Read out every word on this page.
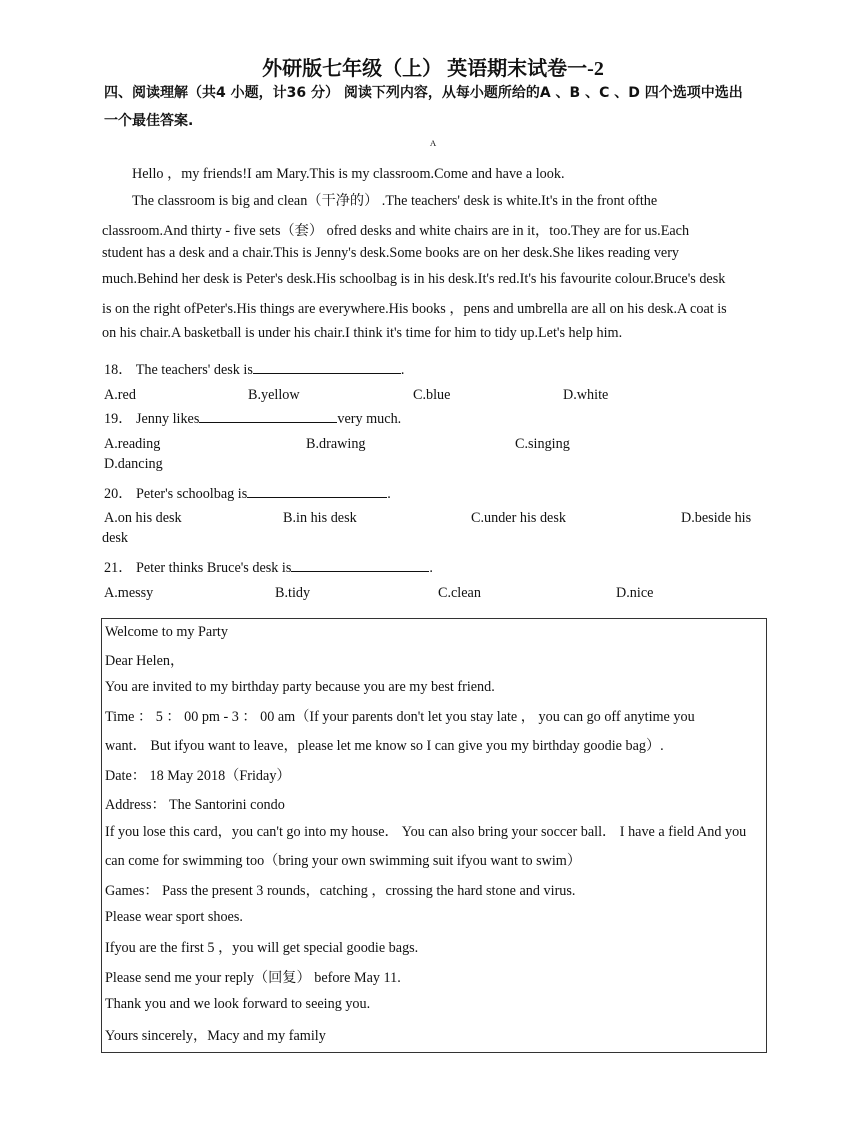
外研版七年级（上） 英语期末试卷一-2
四、阅读理解（共4 小题，计36 分） 阅读下列内容，从每小题所给的A 、B 、C 、D 四个选项中选出
一个最佳答案.
A
Hello ，my friends!I am Mary.This is my classroom.Come and have a look.
The classroom is big and clean（干净的） .The teachers' desk is white.It's in the front ofthe
classroom.And thirty - five sets（套） ofred desks and white chairs are in it，too.They are for us.Each
student has a desk and a chair.This is Jenny's desk.Some books are on her desk.She likes reading very
much.Behind her desk is Peter's desk.His schoolbag is in his desk.It's red.It's his favourite colour.Bruce's desk
is on the right ofPeter's.His things are everywhere.His books ，pens and umbrella are all on his desk.A coat is
on his chair.A basketball is under his chair.I think it's time for him to tidy up.Let's help him.
18． The teachers' desk is	.
A.red	B.yellow	C.blue	D.white
19． Jenny likes	very much.
A.reading	B.drawing	C.singing
D.dancing
20． Peter's schoolbag is	.
A.on his desk	B.in his desk	C.under his desk	D.beside his
desk
21． Peter thinks Bruce's desk is	.
A.messy	B.tidy	C.clean	D.nice
Welcome to my Party
Dear Helen，
You are invited to my birthday party because you are my best friend.
Time ： 5 ： 00 pm - 3 ： 00 am（If your parents don't let you stay late ， you can go off anytime you
want． But ifyou want to leave，please let me know so I can give you my birthday goodie bag）.
Date： 18 May 2018（Friday）
Address： The Santorini condo
If you lose this card，you can't go into my house． You can also bring your soccer ball． I have a field And you
can come for swimming too（bring your own swimming suit ifyou want to swim）
Games： Pass the present 3 rounds，catching ，crossing the hard stone and virus.
Please wear sport shoes.
Ifyou are the first 5 ，you will get special goodie bags.
Please send me your reply（回复） before May 11.
Thank you and we look forward to seeing you.
Yours sincerely，Macy and my family
